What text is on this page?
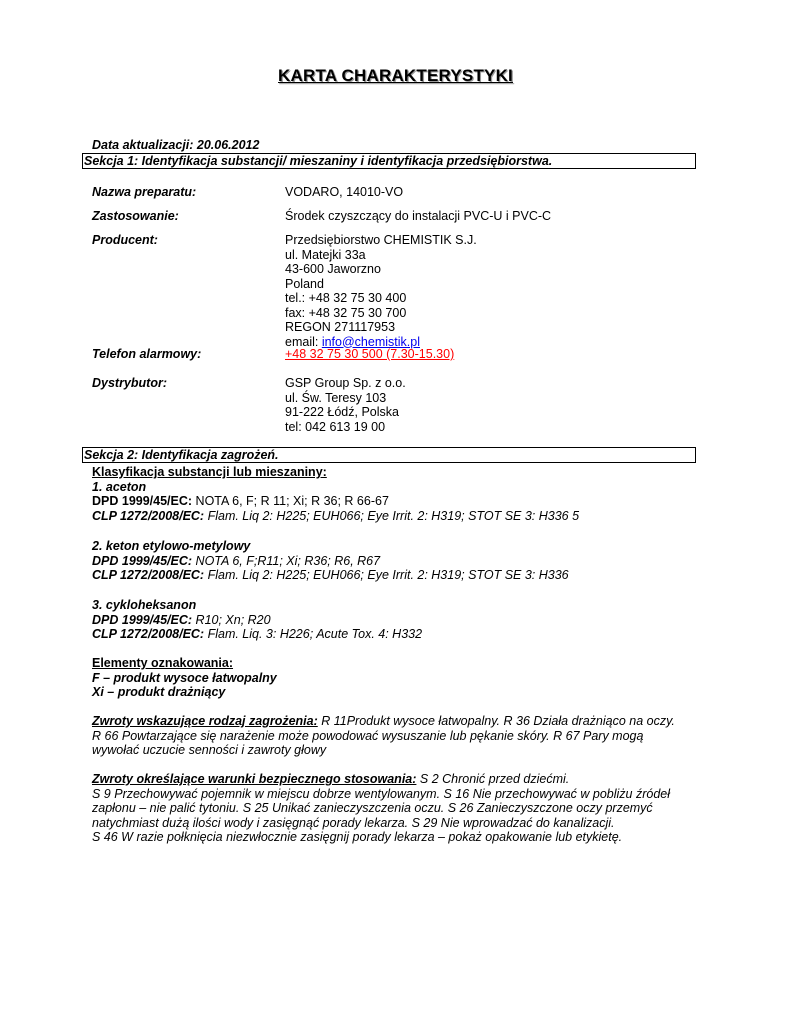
KARTA CHARAKTERYSTYKI
Data aktualizacji: 20.06.2012
Sekcja 1: Identyfikacja substancji/ mieszaniny i identyfikacja przedsiębiorstwa.
Nazwa preparatu:	VODARO, 14010-VO
Zastosowanie:	Środek czyszczący do instalacji PVC-U i PVC-C
Producent:	Przedsiębiorstwo CHEMISTIK S.J.
ul. Matejki 33a
43-600 Jaworzno
Poland
tel.: +48 32 75 30 400
fax: +48 32 75 30 700
REGON 271117953
email: info@chemistik.pl
Telefon alarmowy:	+48 32 75 30 500 (7.30-15.30)
Dystrybutor:	GSP Group Sp. z o.o.
ul. Św. Teresy 103
91-222 Łódź, Polska
tel: 042 613 19 00
Sekcja 2: Identyfikacja zagrożeń.
Klasyfikacja substancji lub mieszaniny:
1. aceton
DPD 1999/45/EC: NOTA 6, F; R 11; Xi; R 36; R 66-67
CLP 1272/2008/EC: Flam. Liq 2: H225; EUH066; Eye Irrit. 2: H319; STOT SE 3: H336 5
2. keton etylowo-metylowy
DPD 1999/45/EC: NOTA 6, F;R11; Xi; R36; R6, R67
CLP 1272/2008/EC: Flam. Liq 2: H225; EUH066; Eye Irrit. 2: H319; STOT SE 3: H336
3. cykloheksanon
DPD 1999/45/EC: R10; Xn; R20
CLP 1272/2008/EC: Flam. Liq. 3: H226; Acute Tox. 4: H332
Elementy oznakowania:
F – produkt wysoce łatwopalny
Xi – produkt drażniący
Zwroty wskazujące rodzaj zagrożenia: R 11Produkt wysoce łatwopalny. R 36 Działa drażniąco na oczy.
R 66 Powtarzające się narażenie może powodować wysuszanie lub pękanie skóry. R 67 Pary mogą
wywołać uczucie senności i zawroty głowy
Zwroty określające warunki bezpiecznego stosowania: S 2 Chronić przed dziećmi.
S 9 Przechowywać pojemnik w miejscu dobrze wentylowanym. S 16 Nie przechowywać w pobliżu źródeł
zapłonu – nie palić tytoniu. S 25 Unikać zanieczyszczenia oczu. S 26 Zanieczyszczone oczy przemyć
natychmiast dużą ilości wody i zasięgnąć porady lekarza. S 29 Nie wprowadzać do kanalizacji.
S 46 W razie połknięcia niezwłocznie zasięgnij porady lekarza – pokaż opakowanie lub etykietę.
